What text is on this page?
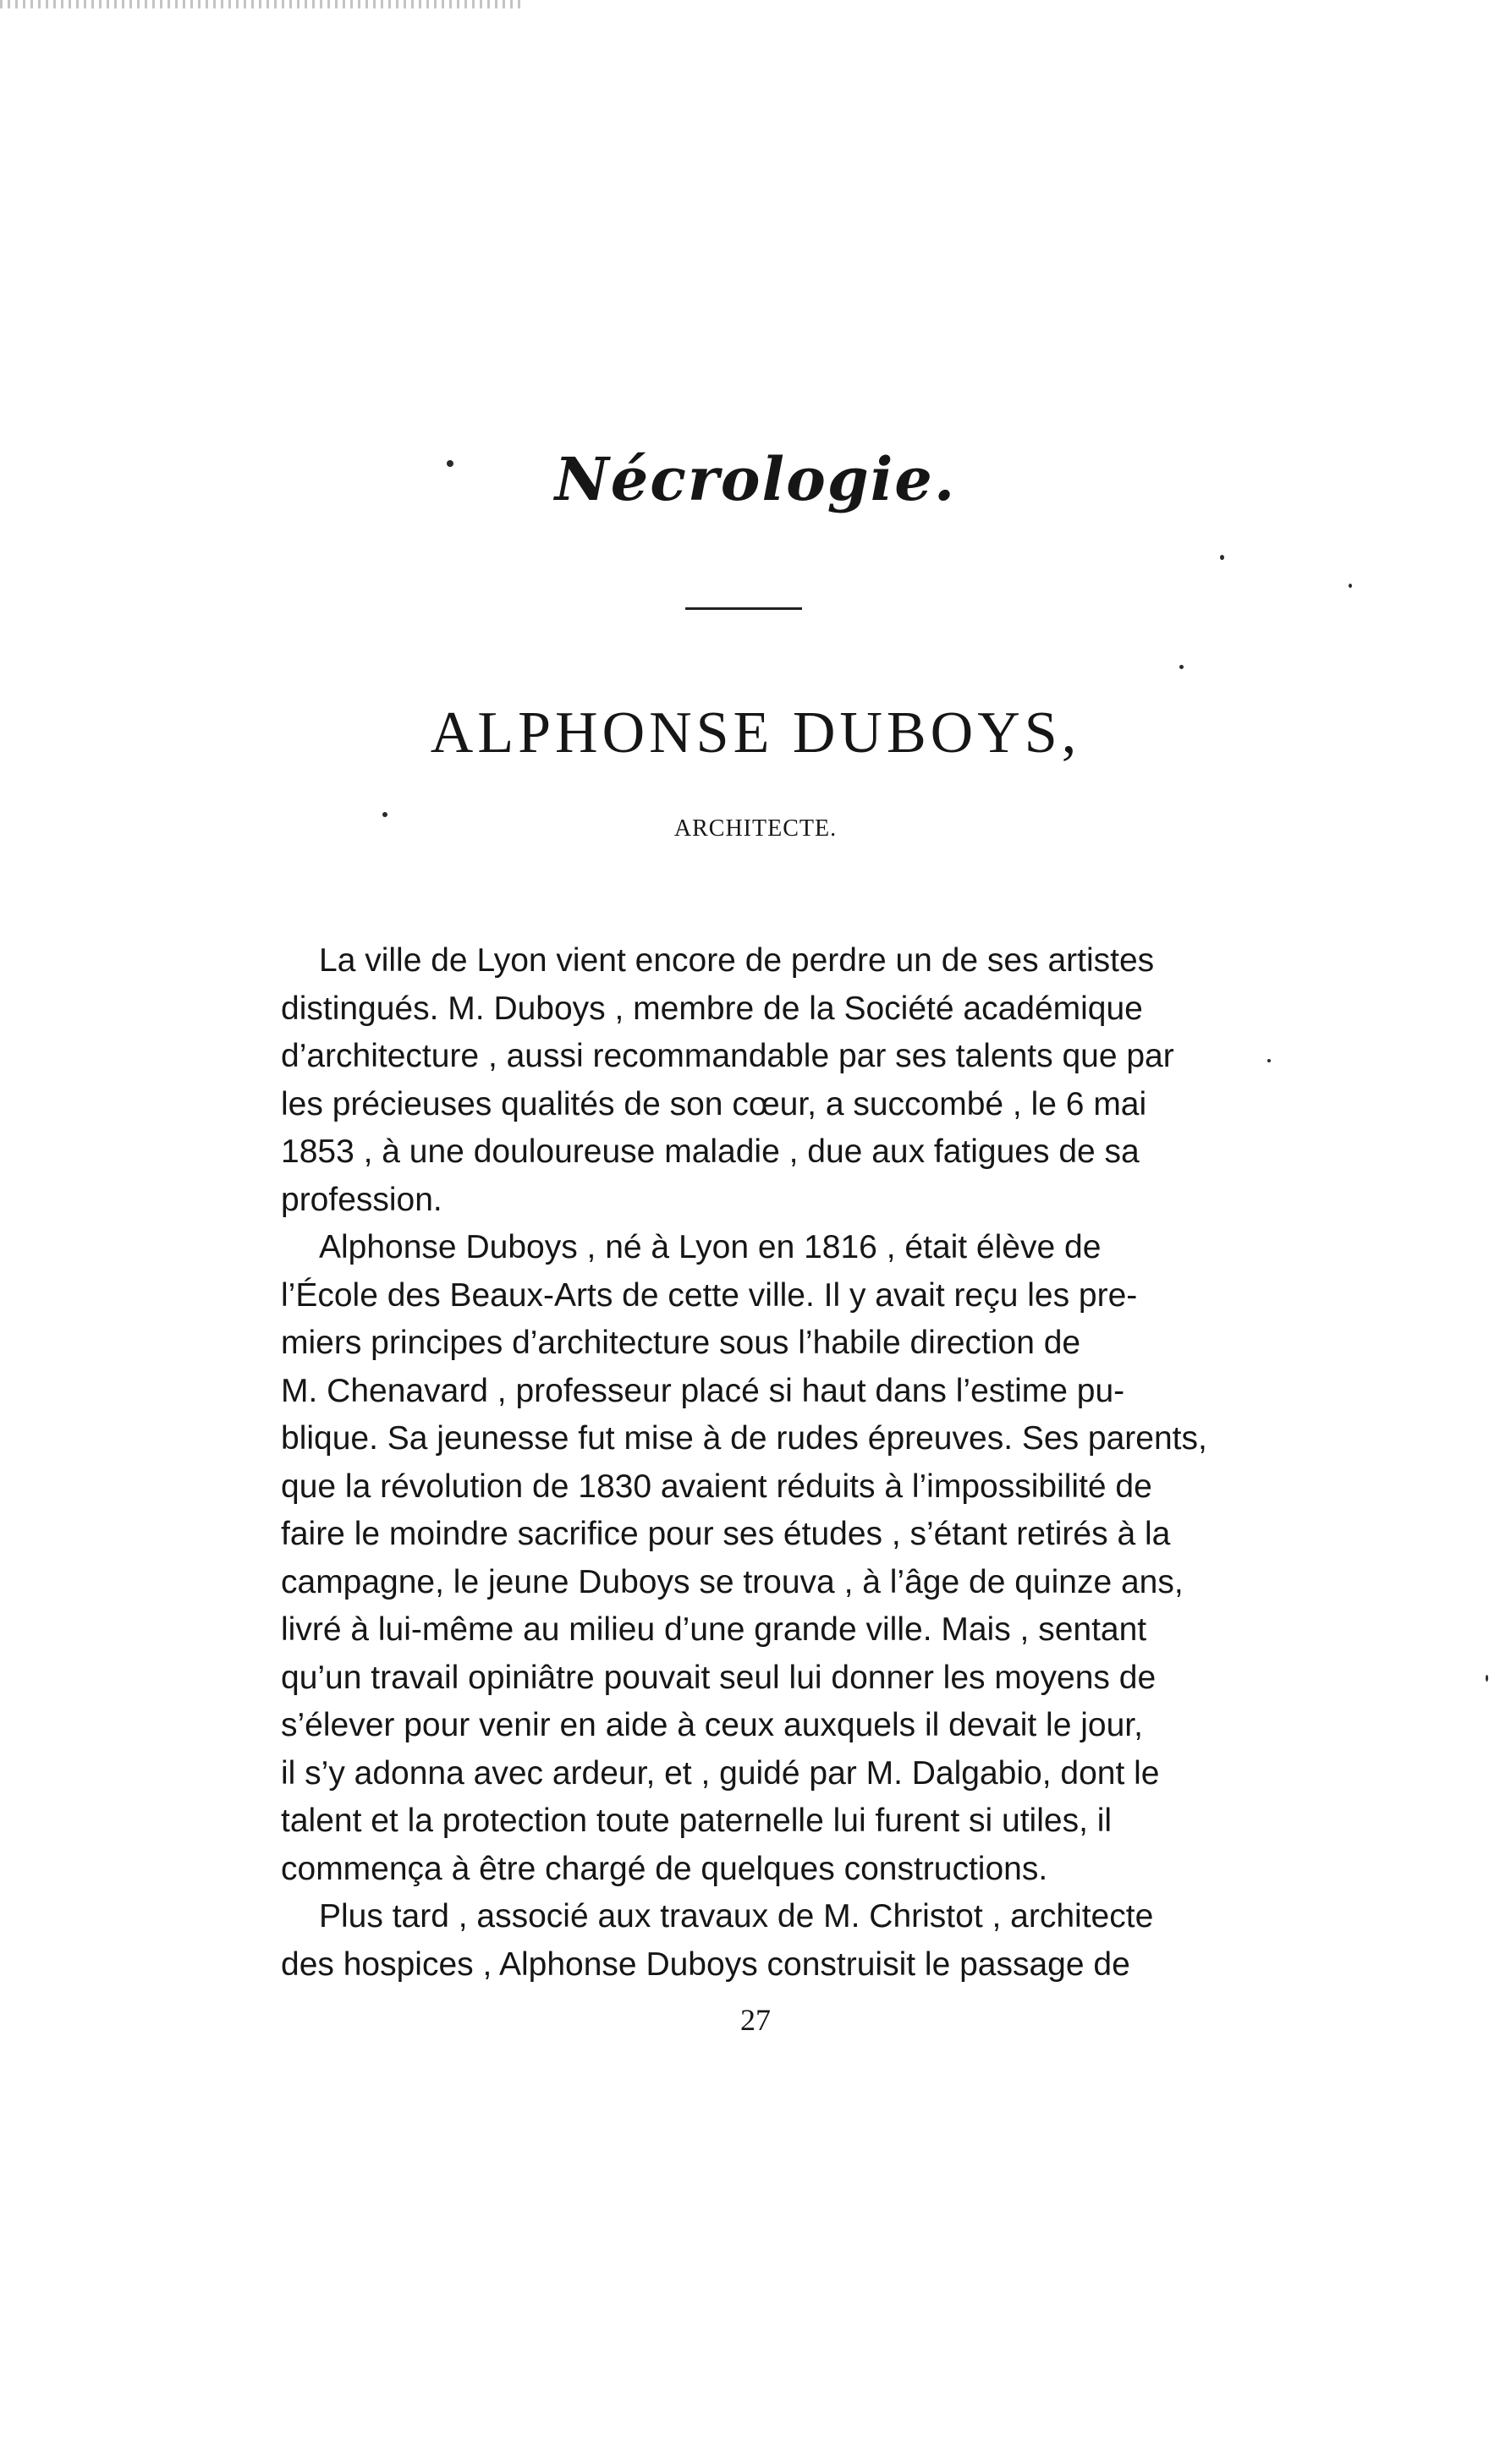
Nécrologie.
ALPHONSE DUBOYS,
ARCHITECTE.
La ville de Lyon vient encore de perdre un de ses artistes
distingués. M. Duboys , membre de la Société académique
d’architecture , aussi recommandable par ses talents que par
les précieuses qualités de son cœur, a succombé , le 6 mai
1853 , à une douloureuse maladie , due aux fatigues de sa
profession.
Alphonse Duboys , né à Lyon en 1816 , était élève de
l’École des Beaux-Arts de cette ville. Il y avait reçu les pre-
miers principes d’architecture sous l’habile direction de
M. Chenavard , professeur placé si haut dans l’estime pu-
blique. Sa jeunesse fut mise à de rudes épreuves. Ses parents,
que la révolution de 1830 avaient réduits à l’impossibilité de
faire le moindre sacrifice pour ses études , s’étant retirés à la
campagne, le jeune Duboys se trouva , à l’âge de quinze ans,
livré à lui-même au milieu d’une grande ville. Mais , sentant
qu’un travail opiniâtre pouvait seul lui donner les moyens de
s’élever pour venir en aide à ceux auxquels il devait le jour,
il s’y adonna avec ardeur, et , guidé par M. Dalgabio, dont le
talent et la protection toute paternelle lui furent si utiles, il
commença à être chargé de quelques constructions.
Plus tard , associé aux travaux de M. Christot , architecte
des hospices , Alphonse Duboys construisit le passage de
27
